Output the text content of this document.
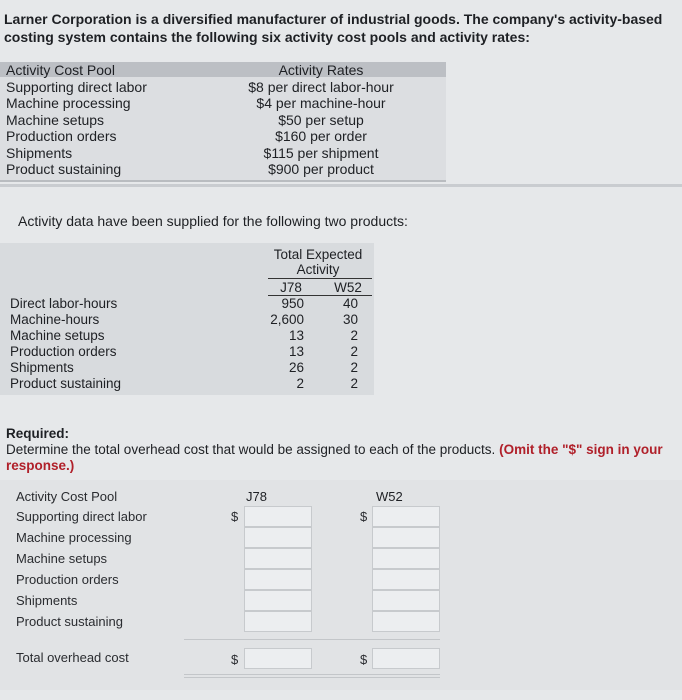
Larner Corporation is a diversified manufacturer of industrial goods. The company's activity-based costing system contains the following six activity cost pools and activity rates:
Activity Cost Pool	Activity Rates
Supporting direct labor	$8 per direct labor-hour
Machine processing	$4 per machine-hour
Machine setups	$50 per setup
Production orders	$160 per order
Shipments	$115 per shipment
Product sustaining	$900 per product
Activity data have been supplied for the following two products:
Total Expected
Activity
J78	W52
Direct labor-hours	950	40
Machine-hours	2,600	30
Machine setups	13	2
Production orders	13	2
Shipments	26	2
Product sustaining	2	2
Required:
Determine the total overhead cost that would be assigned to each of the products. (Omit the "$" sign in your response.)
Activity Cost Pool	J78	W52
Supporting direct labor	$	$
Machine processing
Machine setups
Production orders
Shipments
Product sustaining
Total overhead cost	$	$
